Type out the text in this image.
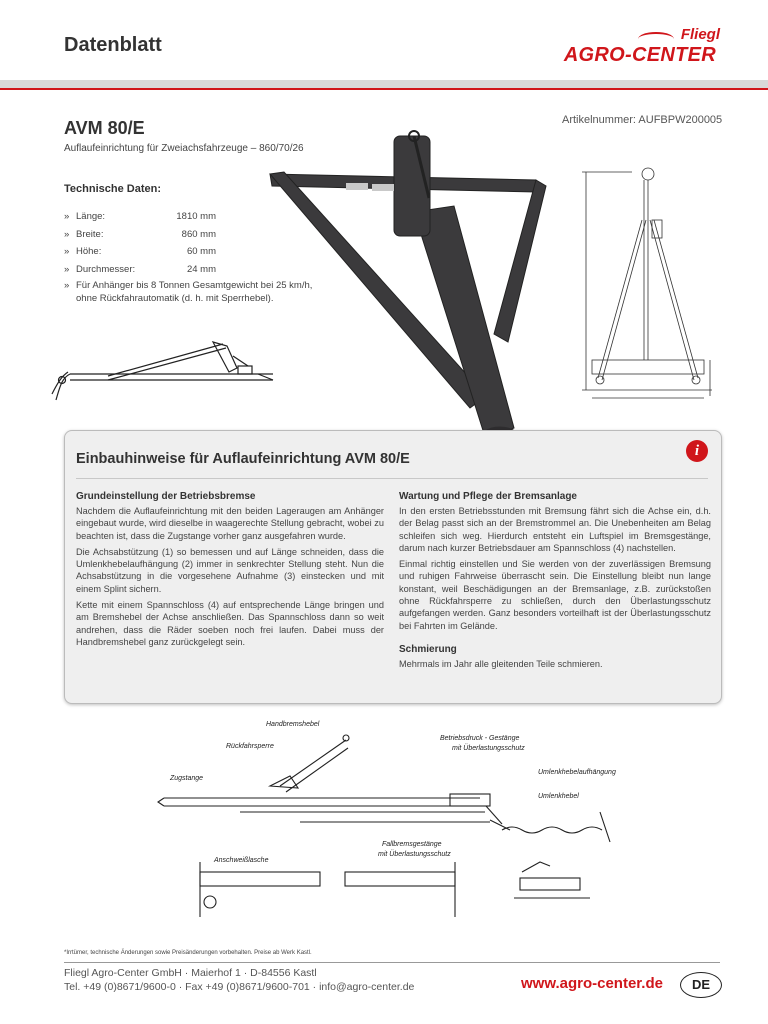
Datenblatt	Fliegl
AGRO-CENTER
AVM 80/E	Artikelnummer: AUFBPW200005
Auflaufeinrichtung für Zweiachsfahrzeuge – 860/70/26
Technische Daten:
» Länge:	1810 mm
» Breite:	860 mm
» Höhe:	60 mm
» Durchmesser:	24 mm
» Für Anhänger bis 8 Tonnen Gesamtgewicht bei 25 km/h, ohne Rückfahrautomatik (d. h. mit Sperrhebel).
Einbauhinweise für Auflaufeinrichtung AVM 80/E	i
Grundeinstellung der Betriebsbremse

Nachdem die Auflaufeinrichtung mit den beiden Lageraugen am Anhänger eingebaut wurde, wird dieselbe in waagerechte Stellung gebracht, wobei zu beachten ist, dass die Zugstange vorher ganz ausgefahren wurde.

Die Achsabstützung (1) so bemessen und auf Länge schneiden, dass die Umlenkhebelaufhängung (2) immer in senkrechter Stellung steht. Nun die Achsabstützung in die vorgesehene Aufnahme (3) einstecken und mit einem Splint sichern.

Kette mit einem Spannschloss (4) auf entsprechende Länge bringen und am Bremshebel der Achse anschließen. Das Spannschloss dann so weit andrehen, dass die Räder soeben noch frei laufen. Dabei muss der Handbremshebel ganz zurückgelegt sein.

Wartung und Pflege der Bremsanlage

In den ersten Betriebsstunden mit Bremsung fährt sich die Achse ein, d.h. der Belag passt sich an der Bremstrommel an. Die Unebenheiten am Belag schleifen sich weg. Hierdurch entsteht ein Luftspiel im Bremsgestänge, darum nach kurzer Betriebsdauer am Spannschloss (4) nachstellen.

Einmal richtig einstellen und Sie werden von der zuverlässigen Bremsung und ruhigen Fahrweise überrascht sein. Die Einstellung bleibt nun lange konstant, weil Beschädigungen an der Bremsanlage, z.B. zurückstoßen ohne Rückfahrsperre zu schließen, durch den Überlastungsschutz aufgefangen werden. Ganz besonders vorteilhaft ist der Überlastungsschutz bei Fahrten im Gelände.

Schmierung

Mehrmals im Jahr alle gleitenden Teile schmieren.

Handbremshebel
Rückfahrsperre
Zugstange
Betriebsdruck - Gestänge
mit Überlastungsschutz
Umlenkhebelaufhängung
Umlenkhebel
Fallbremsgestänge
mit Überlastungsschutz
Anschweißlasche
*Irrtümer, technische Änderungen sowie Preisänderungen vorbehalten. Preise ab Werk Kastl.
Fliegl Agro-Center GmbH · Maierhof 1 · D-84556 Kastl
Tel. +49 (0)8671/9600-0 · Fax +49 (0)8671/9600-701 · info@agro-center.de	www.agro-center.de	DE
